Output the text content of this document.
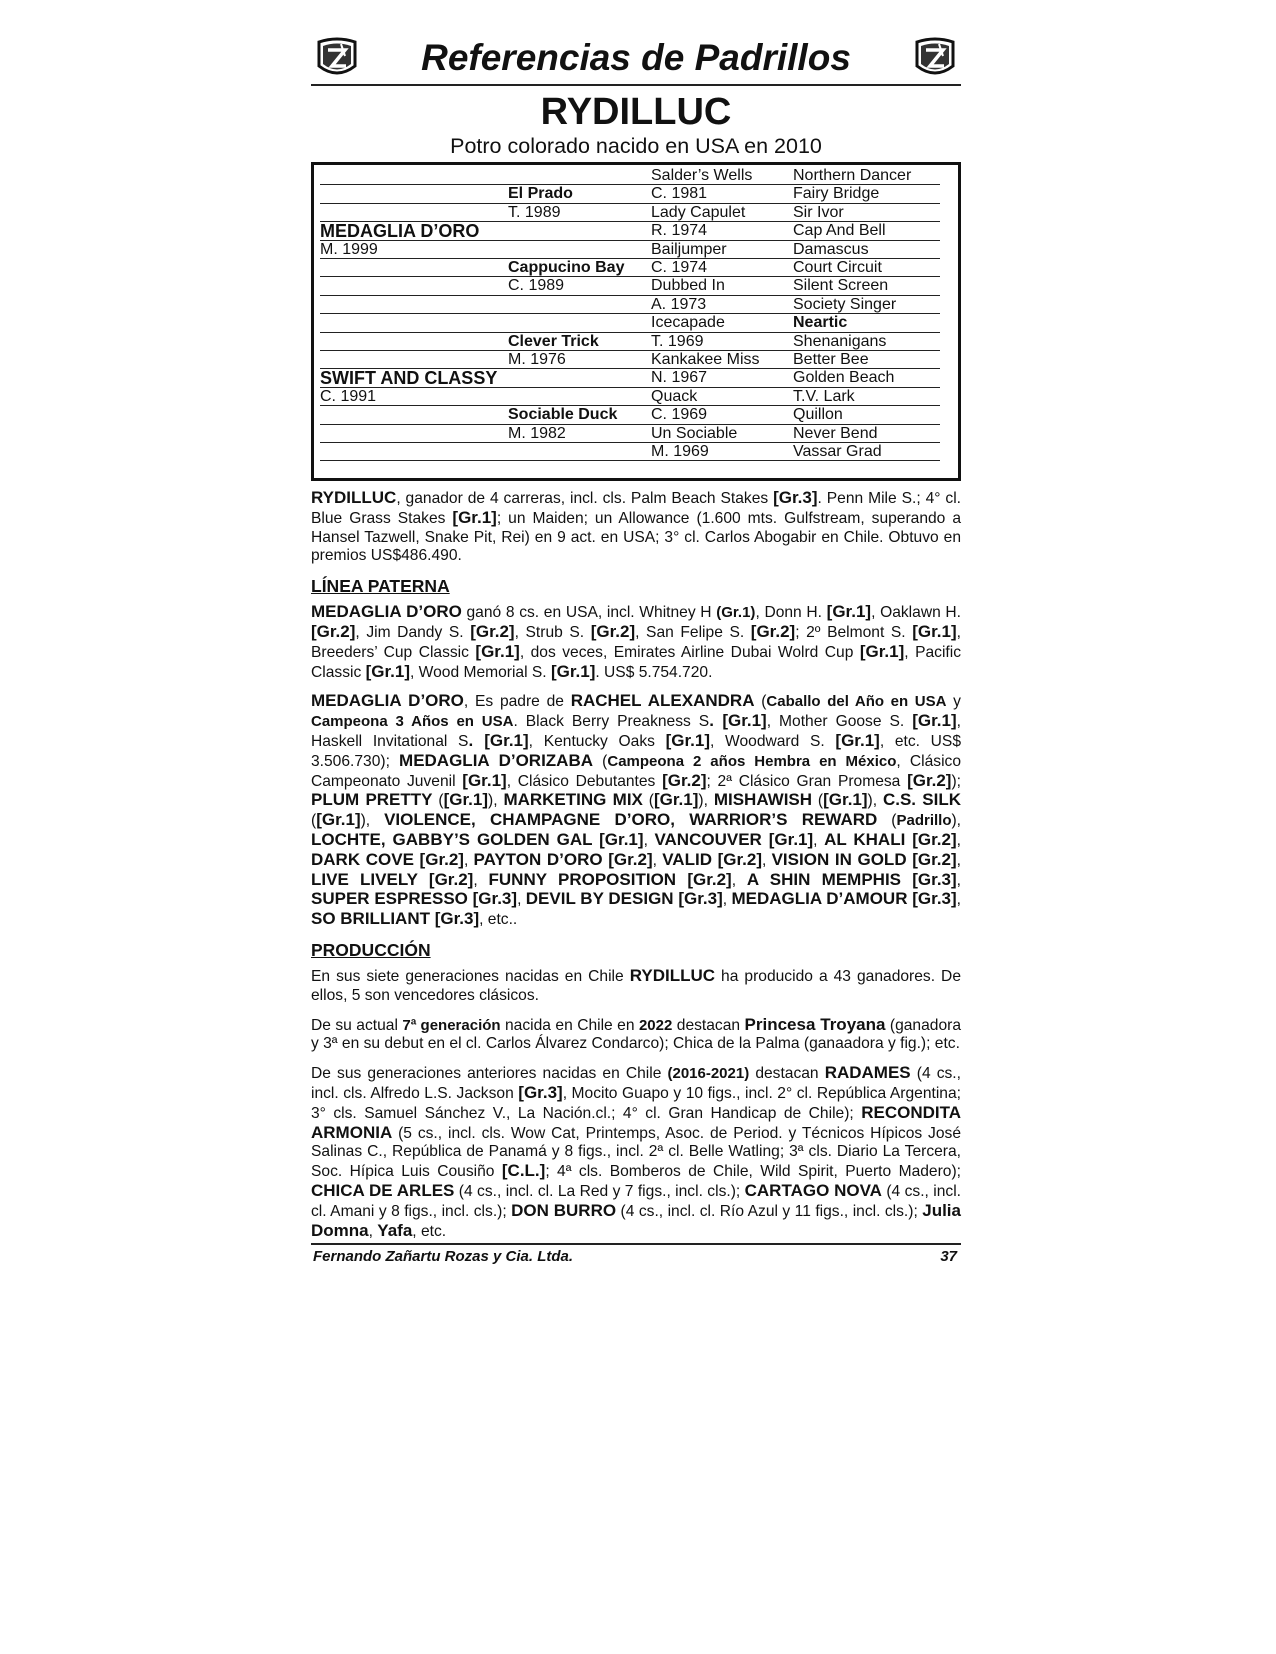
Referencias de Padrillos
RYDILLUC
Potro colorado nacido en USA en 2010
Northern Dancer
Fairy Bridge
Sir Ivor
Cap And Bell
Damascus
Court Circuit
Silent Screen
Society Singer
Neartic
Shenanigans
Better Bee
Golden Beach
T.V. Lark
Quillon
Never Bend
Vassar Grad
Salder’s Wells
C. 1981
Lady Capulet
R. 1974
Bailjumper
C. 1974
Dubbed In
A. 1973
Icecapade
T. 1969
Kankakee Miss
N. 1967
Quack
C. 1969
Un Sociable
M. 1969
El Prado
T. 1989
Cappucino Bay
C. 1989
Clever Trick
M. 1976
Sociable Duck
M. 1982
MEDAGLIA D’ORO
M. 1999
SWIFT AND CLASSY
C. 1991

RYDILLUC, ganador de 4 carreras, incl. cls. Palm Beach Stakes [Gr.3]. Penn Mile S.; 4° cl. Blue Grass Stakes [Gr.1]; un Maiden; un Allowance (1.600 mts. Gulfstream, superando a Hansel Tazwell, Snake Pit, Rei) en 9 act. en USA; 3° cl. Carlos Abogabir en Chile. Obtuvo en premios US$486.490.

LÍNEA PATERNA

MEDAGLIA D’ORO ganó 8 cs. en USA, incl. Whitney H (Gr.1), Donn H. [Gr.1], Oaklawn H. [Gr.2], Jim Dandy S. [Gr.2], Strub S. [Gr.2], San Felipe S. [Gr.2]; 2º Belmont S. [Gr.1], Breeders’ Cup Classic [Gr.1], dos veces, Emirates Airline Dubai Wolrd Cup [Gr.1], Pacific Classic [Gr.1], Wood Memorial S. [Gr.1]. US$ 5.754.720.

MEDAGLIA D’ORO, Es padre de RACHEL ALEXANDRA (Caballo del Año en USA y Campeona 3 Años en USA. Black Berry Preakness S. [Gr.1], Mother Goose S. [Gr.1], Haskell Invitational S. [Gr.1], Kentucky Oaks [Gr.1], Woodward S. [Gr.1], etc. US$ 3.506.730); MEDAGLIA D’ORIZABA (Campeona 2 años Hembra en México, Clásico Campeonato Juvenil [Gr.1], Clásico Debutantes [Gr.2]; 2ª Clásico Gran Promesa [Gr.2]); PLUM PRETTY ([Gr.1]), MARKETING MIX ([Gr.1]), MISHAWISH ([Gr.1]), C.S. SILK ([Gr.1]), VIOLENCE, CHAMPAGNE D’ORO, WARRIOR’S REWARD (Padrillo), LOCHTE, GABBY’S GOLDEN GAL [Gr.1], VANCOUVER [Gr.1], AL KHALI [Gr.2], DARK COVE [Gr.2], PAYTON D’ORO [Gr.2], VALID [Gr.2], VISION IN GOLD [Gr.2], LIVE LIVELY [Gr.2], FUNNY PROPOSITION [Gr.2], A SHIN MEMPHIS [Gr.3], SUPER ESPRESSO [Gr.3], DEVIL BY DESIGN [Gr.3], MEDAGLIA D’AMOUR [Gr.3], SO BRILLIANT [Gr.3], etc..

PRODUCCIÓN

En sus siete generaciones nacidas en Chile RYDILLUC ha producido a 43 ganadores. De ellos, 5 son vencedores clásicos.

De su actual 7ª generación nacida en Chile en 2022 destacan Princesa Troyana (ganadora y 3ª en su debut en el cl. Carlos Álvarez Condarco); Chica de la Palma (ganaadora y fig.); etc.

De sus generaciones anteriores nacidas en Chile (2016-2021) destacan RADAMES (4 cs., incl. cls. Alfredo L.S. Jackson [Gr.3], Mocito Guapo y 10 figs., incl. 2° cl. República Argentina; 3° cls. Samuel Sánchez V., La Nación.cl.; 4° cl. Gran Handicap de Chile); RECONDITA ARMONIA (5 cs., incl. cls. Wow Cat, Printemps, Asoc. de Period. y Técnicos Hípicos José Salinas C., República de Panamá y 8 figs., incl. 2ª cl. Belle Watling; 3ª cls. Diario La Tercera, Soc. Hípica Luis Cousiño [C.L.]; 4ª cls. Bomberos de Chile, Wild Spirit, Puerto Madero); CHICA DE ARLES (4 cs., incl. cl. La Red y 7 figs., incl. cls.); CARTAGO NOVA (4 cs., incl. cl. Amani y 8 figs., incl. cls.); DON BURRO (4 cs., incl. cl. Río Azul y 11 figs., incl. cls.); Julia Domna, Yafa, etc.

Fernando Zañartu Rozas y Cia. Ltda.	37
